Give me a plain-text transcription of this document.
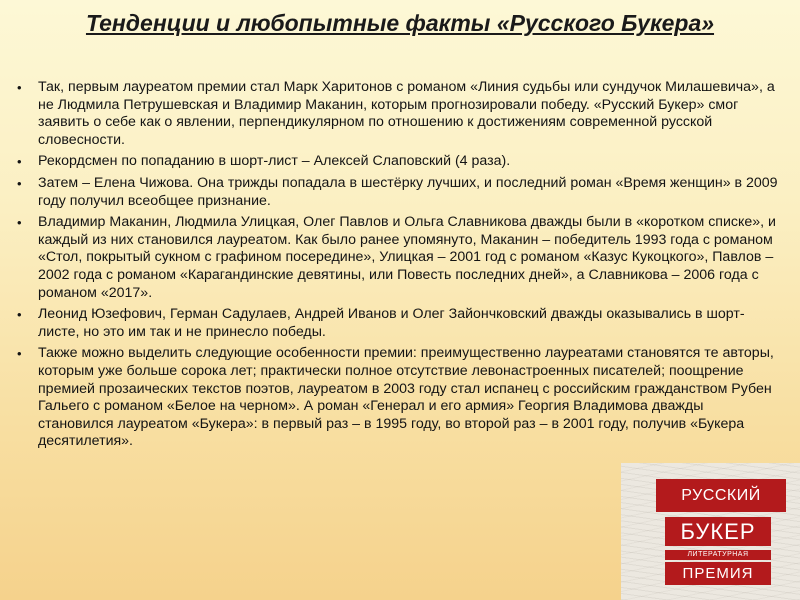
Тенденции и любопытные факты «Русского Букера»
• Так, первым лауреатом премии стал Марк Харитонов с романом «Линия судьбы или сундучок Милашевича», а не Людмила Петрушевская и Владимир Маканин, которым прогнозировали победу. «Русский Букер» смог заявить о себе как о явлении, перпендикулярном по отношению к достижениям современной русской словесности.
• Рекордсмен по попаданию в шорт-лист – Алексей Слаповский (4 раза).
• Затем – Елена Чижова. Она трижды попадала в шестёрку лучших, и последний роман «Время женщин» в 2009 году получил всеобщее признание.
• Владимир Маканин, Людмила Улицкая, Олег Павлов и Ольга Славникова дважды были в «коротком списке», и каждый из них становился лауреатом. Как было ранее упомянуто, Маканин – победитель 1993 года с романом «Стол, покрытый сукном с графином посередине», Улицкая – 2001 год с романом «Казус Кукоцкого», Павлов – 2002 года с романом «Карагандинские девятины, или Повесть последних дней», а Славникова – 2006 года с романом «2017».
• Леонид Юзефович, Герман Садулаев, Андрей Иванов и Олег Зайончковский дважды оказывались в шорт-листе, но это им так и не принесло победы.
• Также можно выделить следующие особенности премии: преимущественно лауреатами становятся те авторы, которым уже больше сорока лет; практически полное отсутствие левонастроенных писателей; поощрение премией прозаических текстов поэтов, лауреатом в 2003 году стал испанец с российским гражданством Рубен Гальего с романом «Белое на черном». А роман «Генерал и его армия» Георгия Владимова дважды становился лауреатом «Букера»: в первый раз – в 1995 году, во второй раз – в 2001 году, получив «Букера десятилетия».
РУССКИЙ
БУКЕР
ЛИТЕРАТУРНАЯ
ПРЕМИЯ
